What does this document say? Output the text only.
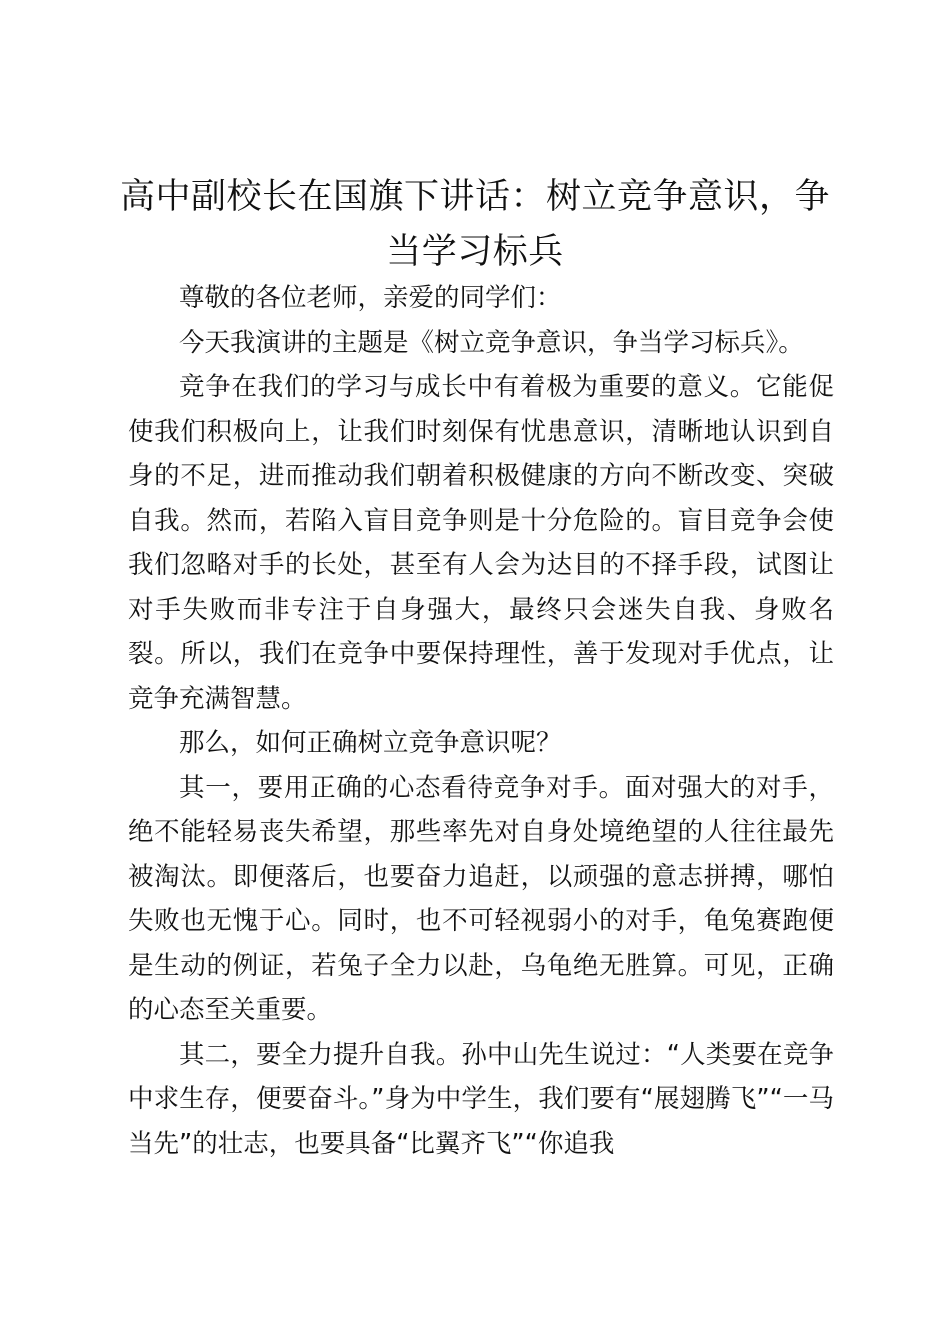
高中副校长在国旗下讲话：树立竞争意识，争当学习标兵

尊敬的各位老师，亲爱的同学们：

今天我演讲的主题是《树立竞争意识，争当学习标兵》。

竞争在我们的学习与成长中有着极为重要的意义。它能促使我们积极向上，让我们时刻保有忧患意识，清晰地认识到自身的不足，进而推动我们朝着积极健康的方向不断改变、突破自我。然而，若陷入盲目竞争则是十分危险的。盲目竞争会使我们忽略对手的长处，甚至有人会为达目的不择手段，试图让对手失败而非专注于自身强大，最终只会迷失自我、身败名裂。所以，我们在竞争中要保持理性，善于发现对手优点，让竞争充满智慧。

那么，如何正确树立竞争意识呢？

其一，要用正确的心态看待竞争对手。面对强大的对手，绝不能轻易丧失希望，那些率先对自身处境绝望的人往往最先被淘汰。即便落后，也要奋力追赶，以顽强的意志拼搏，哪怕失败也无愧于心。同时，也不可轻视弱小的对手，龟兔赛跑便是生动的例证，若兔子全力以赴，乌龟绝无胜算。可见，正确的心态至关重要。

其二，要全力提升自我。孙中山先生说过：“人类要在竞争中求生存，便要奋斗。”身为中学生，我们要有“展翅腾飞”“一马当先”的壮志，也要具备“比翼齐飞”“你追我
